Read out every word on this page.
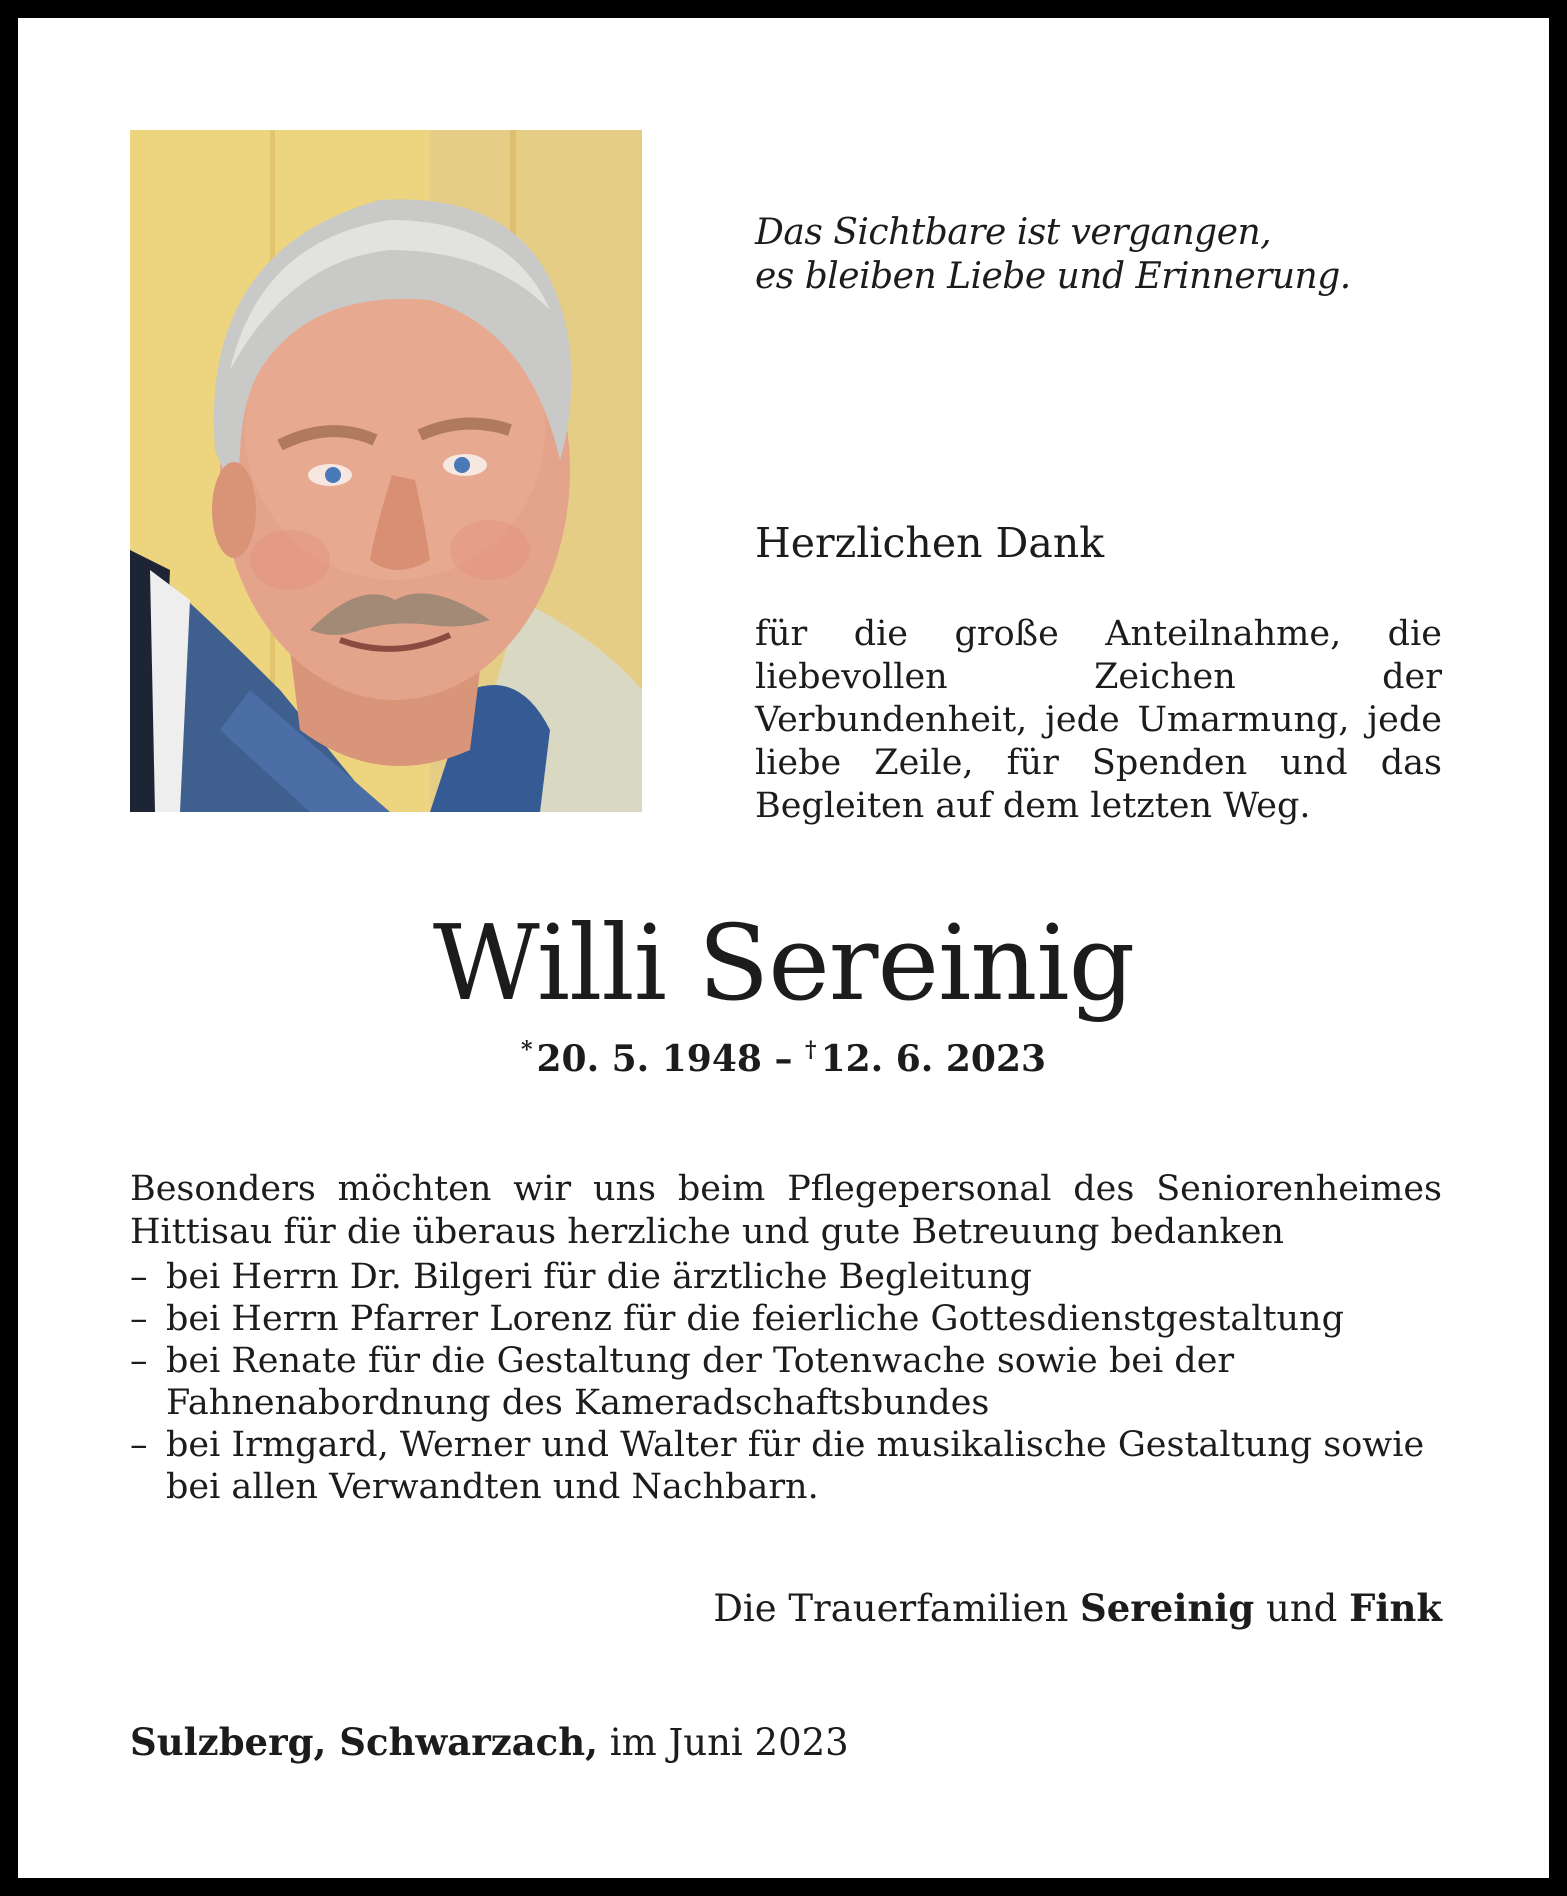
Das Sichtbare ist vergangen,
es bleiben Liebe und Erinnerung.
Herzlichen Dank
für die große Anteilnahme, die liebevollen Zeichen der Verbundenheit, jede Umarmung, jede liebe Zeile, für Spenden und das Begleiten auf dem letzten Weg.
Willi Sereinig
* 20. 5. 1948 – † 12. 6. 2023
Besonders möchten wir uns beim Pflegepersonal des Seniorenheimes Hittisau für die überaus herzliche und gute Betreuung bedanken
– bei Herrn Dr. Bilgeri für die ärztliche Begleitung
– bei Herrn Pfarrer Lorenz für die feierliche Gottesdienstgestaltung
– bei Renate für die Gestaltung der Totenwache sowie bei der Fahnenabordnung des Kameradschaftsbundes
– bei Irmgard, Werner und Walter für die musikalische Gestaltung sowie bei allen Verwandten und Nachbarn.
Die Trauerfamilien Sereinig und Fink
Sulzberg, Schwarzach, im Juni 2023
